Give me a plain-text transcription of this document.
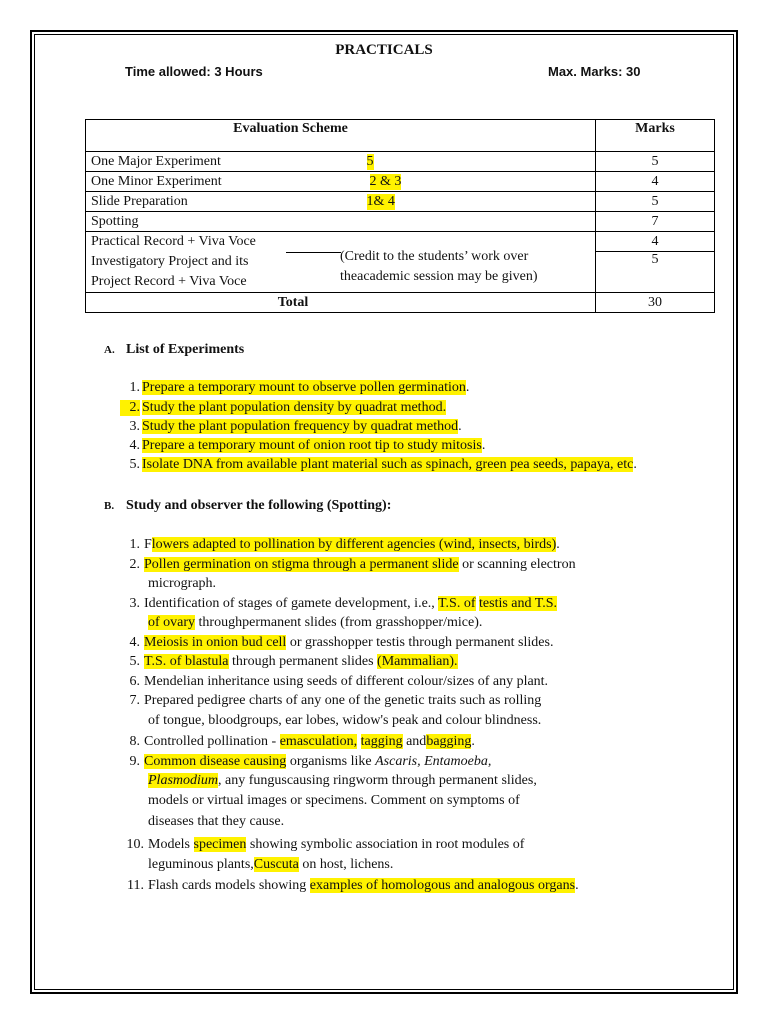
PRACTICALS
Time allowed: 3 Hours	Max. Marks: 30
Evaluation Scheme	Marks
One Major Experiment 5	5
One Minor Experiment 2 & 3	4
Slide Preparation 1& 4	5
Spotting	7
Practical Record + Viva Voce	4
Investigatory Project and its
Project Record + Viva Voce	5
Total	30
(Credit to the students’ work over
theacademic session may be given)
A. List of Experiments
1. Prepare a temporary mount to observe pollen germination.
2. Study the plant population density by quadrat method.
3. Study the plant population frequency by quadrat method.
4. Prepare a temporary mount of onion root tip to study mitosis.
5. Isolate DNA from available plant material such as spinach, green pea seeds, papaya, etc.
B. Study and observer the following (Spotting):
1. Flowers adapted to pollination by different agencies (wind, insects, birds).
2. Pollen germination on stigma through a permanent slide or scanning electron
micrograph.
3. Identification of stages of gamete development, i.e., T.S. of testis and T.S.
of ovary throughpermanent slides (from grasshopper/mice).
4. Meiosis in onion bud cell or grasshopper testis through permanent slides.
5. T.S. of blastula through permanent slides (Mammalian).
6. Mendelian inheritance using seeds of different colour/sizes of any plant.
7. Prepared pedigree charts of any one of the genetic traits such as rolling
of tongue, bloodgroups, ear lobes, widow's peak and colour blindness.
8. Controlled pollination - emasculation, tagging andbagging.
9. Common disease causing organisms like Ascaris, Entamoeba,
Plasmodium, any funguscausing ringworm through permanent slides,
models or virtual images or specimens. Comment on symptoms of
diseases that they cause.
10. Models specimen showing symbolic association in root modules of
leguminous plants,Cuscuta on host, lichens.
11. Flash cards models showing examples of homologous and analogous organs.
